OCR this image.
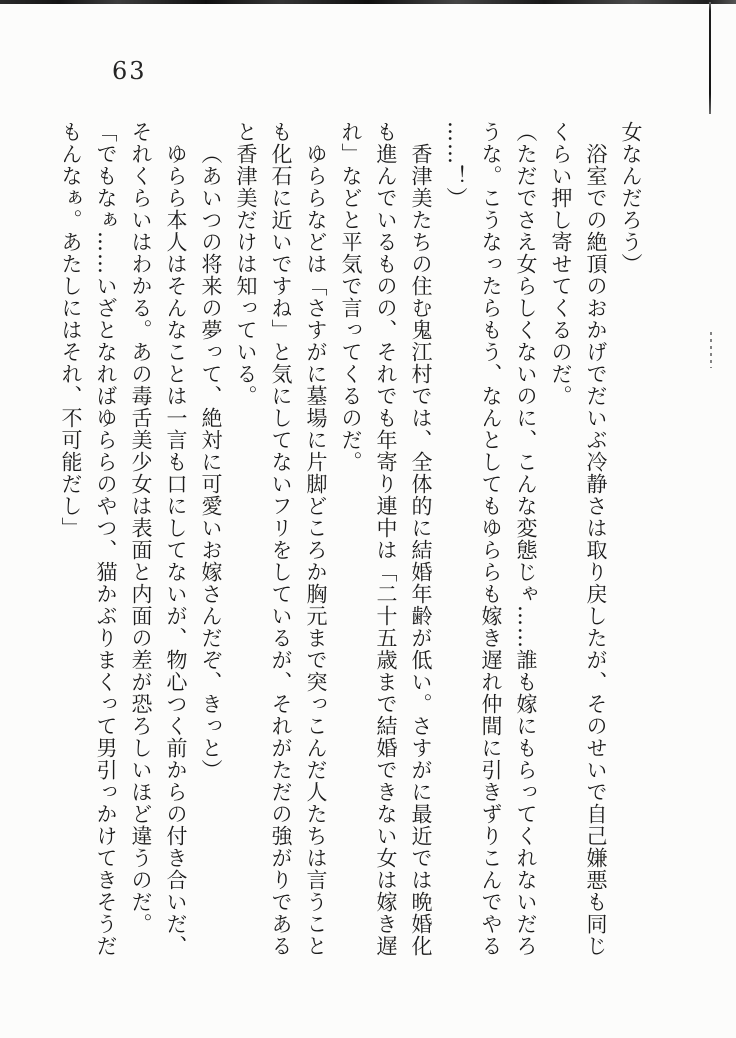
63
女なんだろう）
浴室での絶頂のおかげでだいぶ冷静さは取り戻したが、そのせいで自己嫌悪も同じ
くらい押し寄せてくるのだ。
（ただでさえ女らしくないのに、こんな変態じゃ……誰も嫁にもらってくれないだろ
うな。こうなったらもう、なんとしてもゆららも嫁き遅れ仲間に引きずりこんでやる
……！）
香津美たちの住む鬼江村では、全体的に結婚年齢が低い。さすがに最近では晩婚化
も進んでいるものの、それでも年寄り連中は「二十五歳まで結婚できない女は嫁き遅
れ」などと平気で言ってくるのだ。
ゆららなどは「さすがに墓場に片脚どころか胸元まで突っこんだ人たちは言うこと
も化石に近いですね」と気にしてないフリをしているが、それがただの強がりである
と香津美だけは知っている。
（あいつの将来の夢って、絶対に可愛いお嫁さんだぞ、きっと）
ゆらら本人はそんなことは一言も口にしてないが、物心つく前からの付き合いだ、
それくらいはわかる。あの毒舌美少女は表面と内面の差が恐ろしいほど違うのだ。
「でもなぁ……いざとなればゆららのやつ、猫かぶりまくって男引っかけてきそうだ
もんなぁ。あたしにはそれ、不可能だし」
